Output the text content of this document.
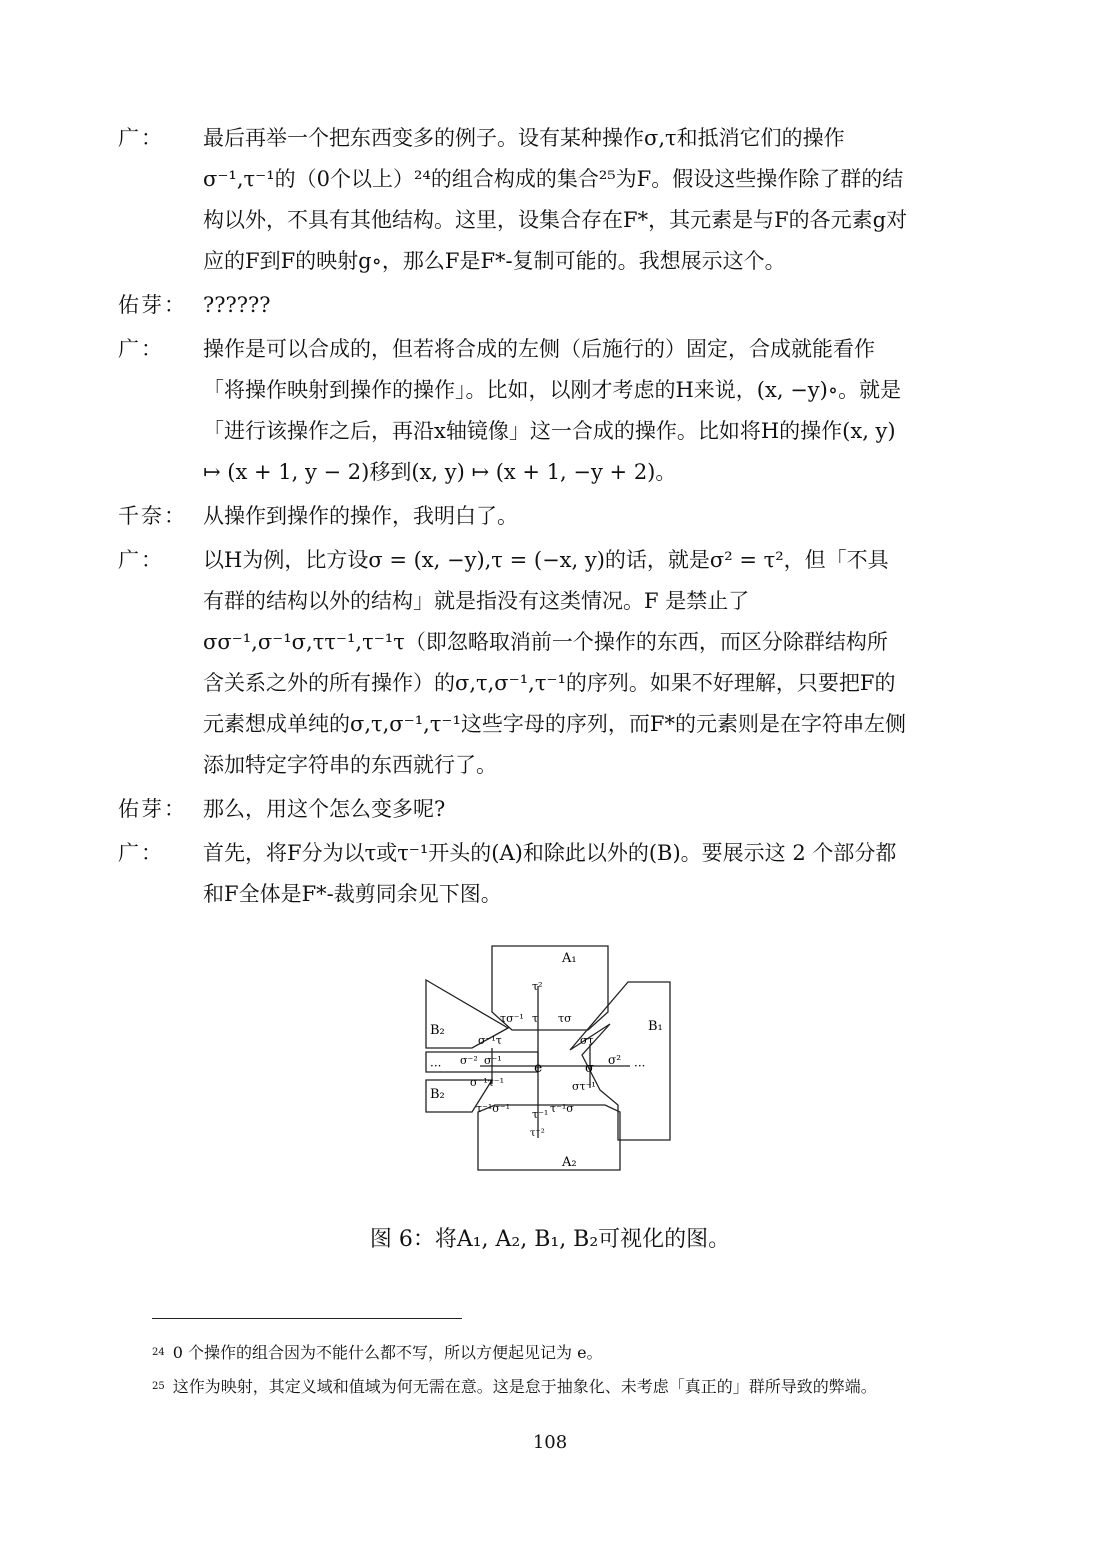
广：	最后再举一个把东西变多的例子。设有某种操作σ,τ和抵消它们的操作σ⁻¹,τ⁻¹的（0个以上）²⁴的组合构成的集合²⁵为F。假设这些操作除了群的结构以外，不具有其他结构。这里，设集合存在F*，其元素是与F的各元素g对应的F到F的映射g∘，那么F是F*-复制可能的。我想展示这个。
佑芽： ??????
广：	操作是可以合成的，但若将合成的左侧（后施行的）固定，合成就能看作「将操作映射到操作的操作」。比如，以刚才考虑的H来说，(x, −y)∘。就是「进行该操作之后，再沿x轴镜像」这一合成的操作。比如将H的操作(x, y) ↦ (x + 1, y − 2)移到(x, y) ↦ (x + 1, −y + 2)。
千奈： 从操作到操作的操作，我明白了。
广：	以H为例，比方设σ = (x, −y),τ = (−x, y)的话，就是σ² = τ²，但「不具有群的结构以外的结构」就是指没有这类情况。F 是禁止了σσ⁻¹,σ⁻¹σ,ττ⁻¹,τ⁻¹τ（即忽略取消前一个操作的东西，而区分除群结构所含关系之外的所有操作）的σ,τ,σ⁻¹,τ⁻¹的序列。如果不好理解，只要把F的元素想成单纯的σ,τ,σ⁻¹,τ⁻¹这些字母的序列，而F*的元素则是在字符串左侧添加特定字符串的东西就行了。
佑芽： 那么，用这个怎么变多呢?
广：	首先，将F分为以τ或τ⁻¹开头的(A)和除此以外的(B)。要展示这 2 个部分都和F全体是F*-裁剪同余见下图。
A₁
A₂
B₁
B₂
B₂
e	σ
σ²
σ⁻¹
σ⁻²
τ
τ²
τ⁻¹
τ⁻²
στ
στ⁻¹
σ⁻¹τ
σ⁻¹τ⁻¹
τσ
τσ⁻¹
τ⁻¹σ
τ⁻¹σ⁻¹
···	···
图 6：将A₁, A₂, B₁, B₂可视化的图。
$^{24}$ 0 个操作的组合因为不能什么都不写，所以方便起见记为 e。
$^{25}$ 这作为映射，其定义域和值域为何无需在意。这是怠于抽象化、未考虑「真正的」群所导致的弊端。
108
